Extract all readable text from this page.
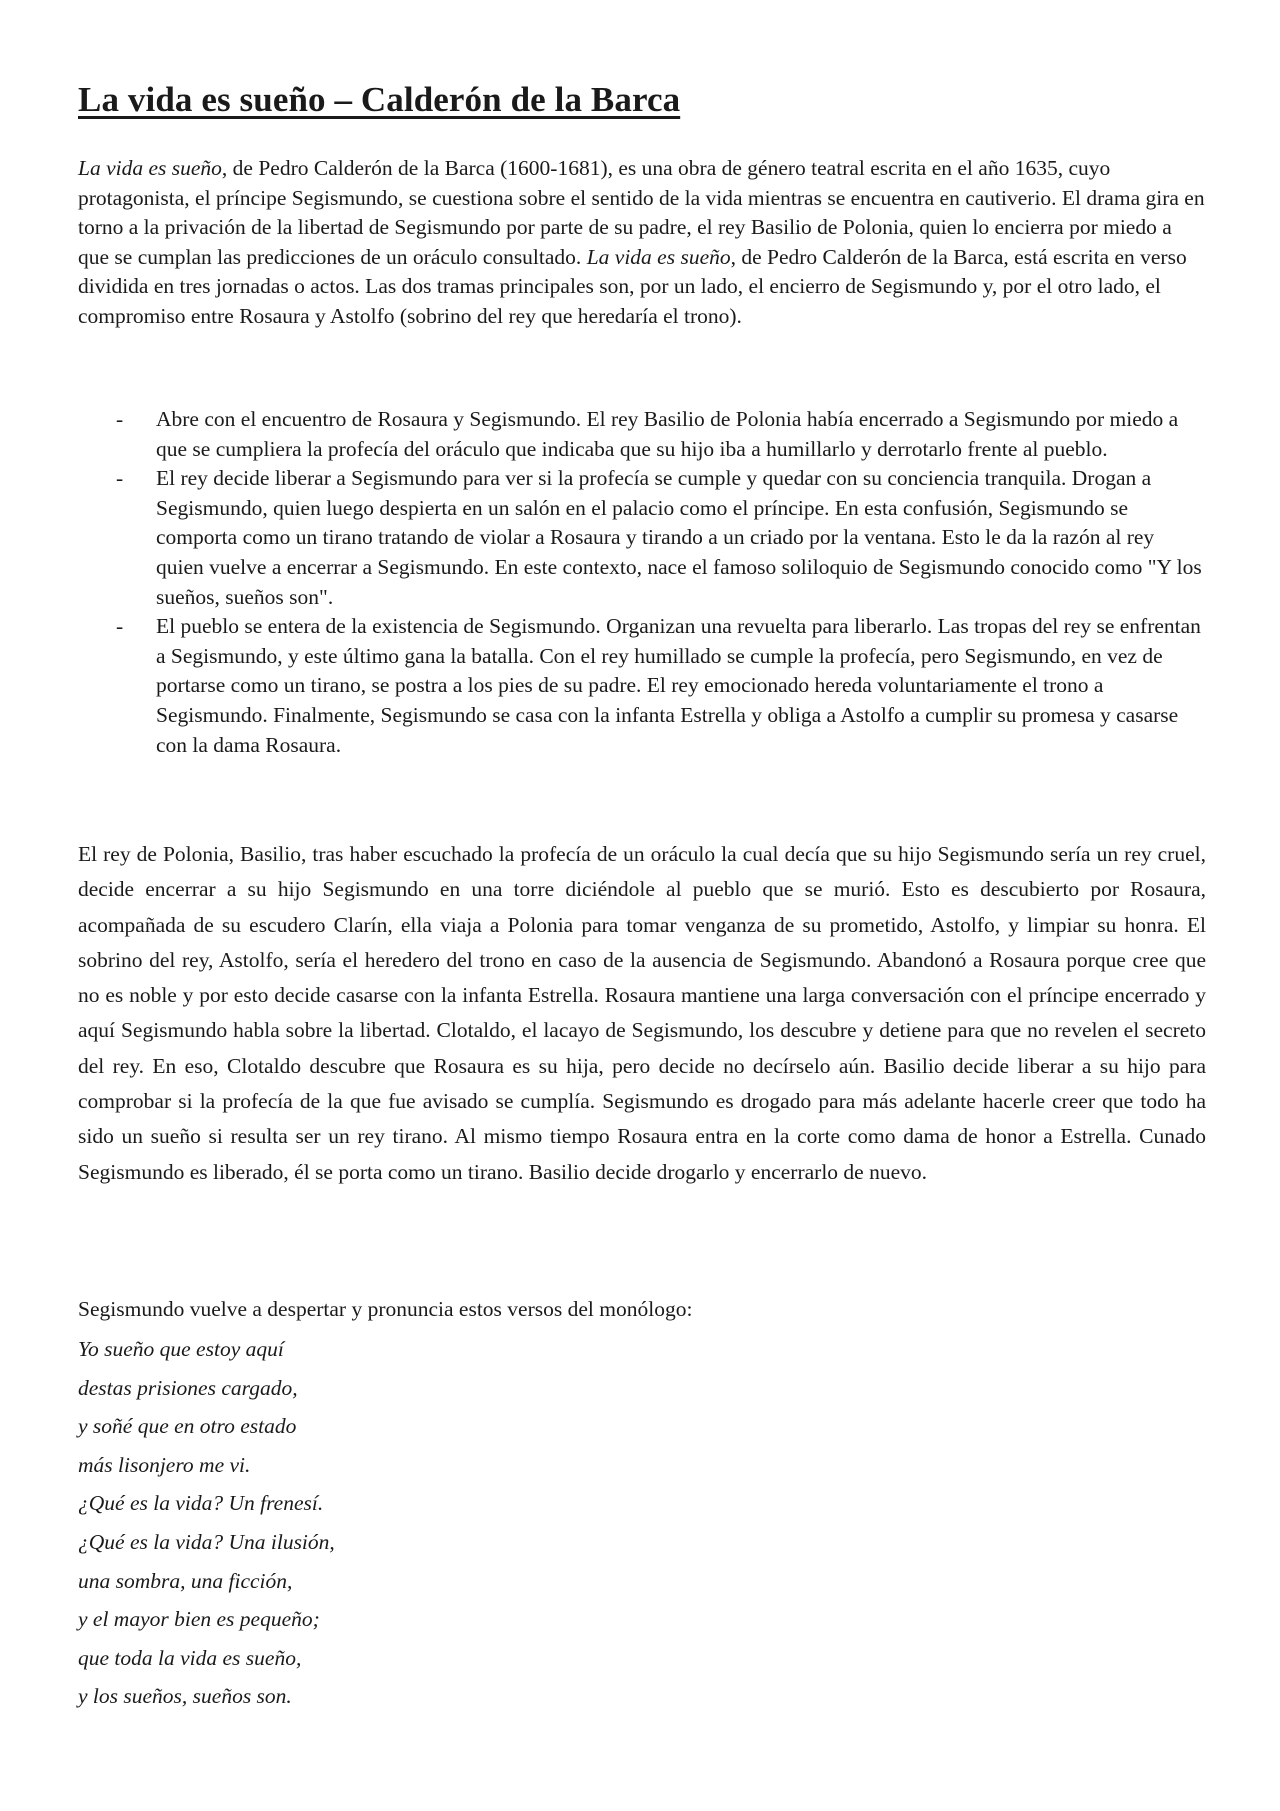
La vida es sueño – Calderón de la Barca

La vida es sueño, de Pedro Calderón de la Barca (1600-1681), es una obra de género teatral escrita en el año 1635, cuyo protagonista, el príncipe Segismundo, se cuestiona sobre el sentido de la vida mientras se encuentra en cautiverio. El drama gira en torno a la privación de la libertad de Segismundo por parte de su padre, el rey Basilio de Polonia, quien lo encierra por miedo a que se cumplan las predicciones de un oráculo consultado. La vida es sueño, de Pedro Calderón de la Barca, está escrita en verso dividida en tres jornadas o actos. Las dos tramas principales son, por un lado, el encierro de Segismundo y, por el otro lado, el compromiso entre Rosaura y Astolfo (sobrino del rey que heredaría el trono).

- Abre con el encuentro de Rosaura y Segismundo. El rey Basilio de Polonia había encerrado a Segismundo por miedo a que se cumpliera la profecía del oráculo que indicaba que su hijo iba a humillarlo y derrotarlo frente al pueblo.
- El rey decide liberar a Segismundo para ver si la profecía se cumple y quedar con su conciencia tranquila. Drogan a Segismundo, quien luego despierta en un salón en el palacio como el príncipe. En esta confusión, Segismundo se comporta como un tirano tratando de violar a Rosaura y tirando a un criado por la ventana. Esto le da la razón al rey quien vuelve a encerrar a Segismundo. En este contexto, nace el famoso soliloquio de Segismundo conocido como "Y los sueños, sueños son".
- El pueblo se entera de la existencia de Segismundo. Organizan una revuelta para liberarlo. Las tropas del rey se enfrentan a Segismundo, y este último gana la batalla. Con el rey humillado se cumple la profecía, pero Segismundo, en vez de portarse como un tirano, se postra a los pies de su padre. El rey emocionado hereda voluntariamente el trono a Segismundo. Finalmente, Segismundo se casa con la infanta Estrella y obliga a Astolfo a cumplir su promesa y casarse con la dama Rosaura.

El rey de Polonia, Basilio, tras haber escuchado la profecía de un oráculo la cual decía que su hijo Segismundo sería un rey cruel, decide encerrar a su hijo Segismundo en una torre diciéndole al pueblo que se murió. Esto es descubierto por Rosaura, acompañada de su escudero Clarín, ella viaja a Polonia para tomar venganza de su prometido, Astolfo, y limpiar su honra. El sobrino del rey, Astolfo, sería el heredero del trono en caso de la ausencia de Segismundo. Abandonó a Rosaura porque cree que no es noble y por esto decide casarse con la infanta Estrella. Rosaura mantiene una larga conversación con el príncipe encerrado y aquí Segismundo habla sobre la libertad. Clotaldo, el lacayo de Segismundo, los descubre y detiene para que no revelen el secreto del rey. En eso, Clotaldo descubre que Rosaura es su hija, pero decide no decírselo aún. Basilio decide liberar a su hijo para comprobar si la profecía de la que fue avisado se cumplía. Segismundo es drogado para más adelante hacerle creer que todo ha sido un sueño si resulta ser un rey tirano. Al mismo tiempo Rosaura entra en la corte como dama de honor a Estrella. Cunado Segismundo es liberado, él se porta como un tirano. Basilio decide drogarlo y encerrarlo de nuevo.

Segismundo vuelve a despertar y pronuncia estos versos del monólogo:

Yo sueño que estoy aquí
destas prisiones cargado,
y soñé que en otro estado
más lisonjero me vi.
¿Qué es la vida? Un frenesí.
¿Qué es la vida? Una ilusión,
una sombra, una ficción,
y el mayor bien es pequeño;
que toda la vida es sueño,
y los sueños, sueños son.
